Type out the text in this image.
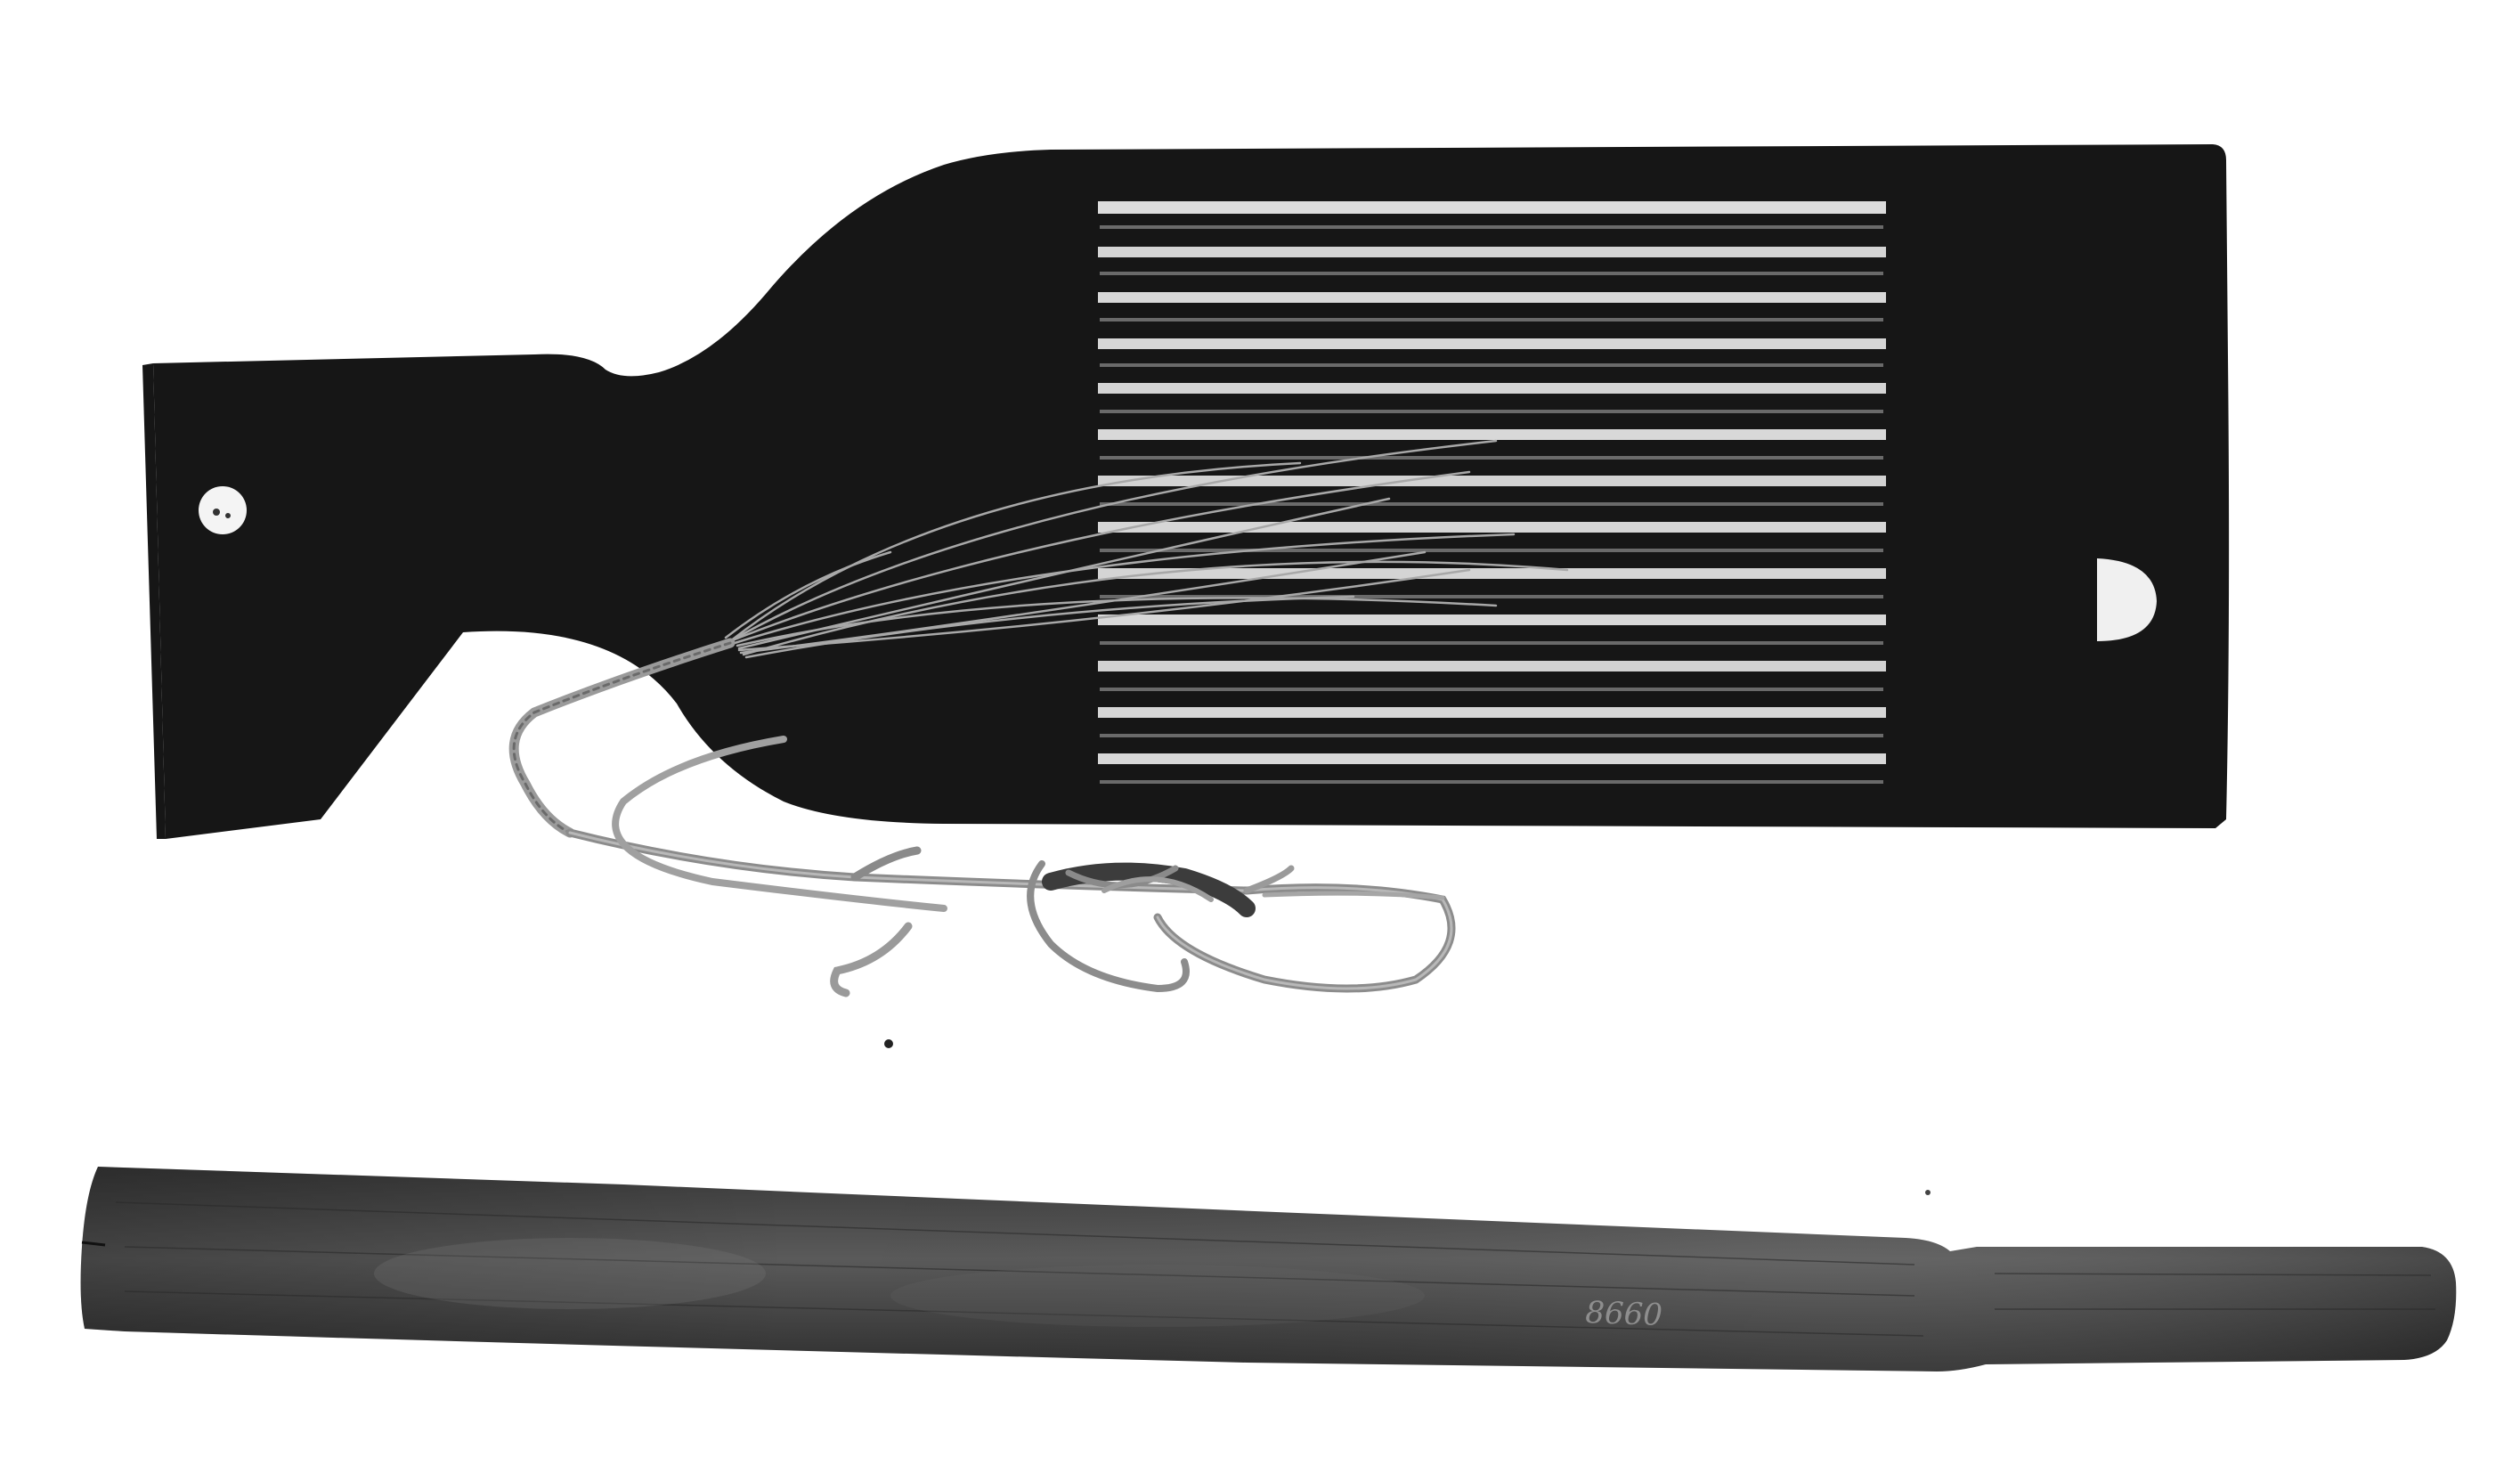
8660
